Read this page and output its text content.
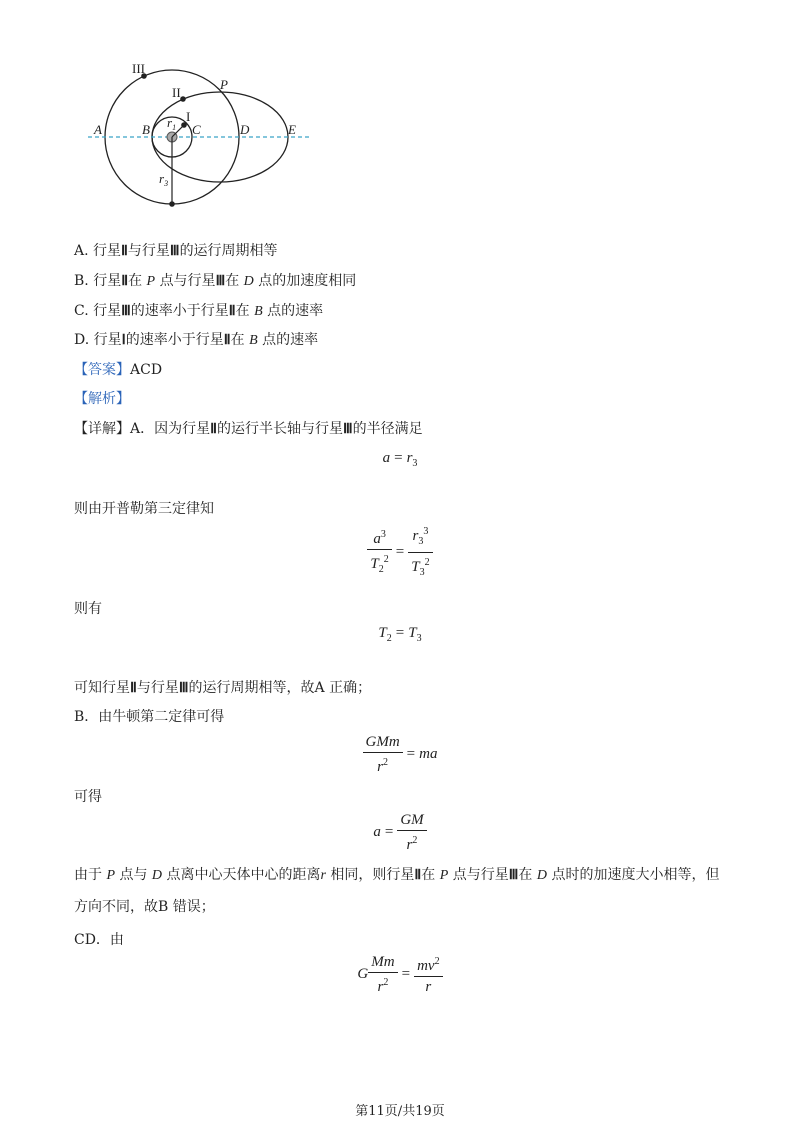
III
II
I
P
A	B	C	D	E
$r_1$
$r_3$
A. 行星Ⅱ与行星Ⅲ的运行周期相等
B. 行星Ⅱ在 P 点与行星Ⅲ在 D 点的加速度相同
C. 行星Ⅲ的速率小于行星Ⅱ在 B 点的速率
D. 行星Ⅰ的速率小于行星Ⅱ在 B 点的速率
【答案】ACD
【解析】
【详解】A．因为行星Ⅱ的运行半长轴与行星Ⅲ的半径满足
$a = r_3$
则由开普勒第三定律知
$\frac{a^3}{T_2^2} = \frac{r_3^3}{T_3^2}$
则有
$T_2 = T_3$
可知行星Ⅱ与行星Ⅲ的运行周期相等，故A 正确；
B．由牛顿第二定律可得
$\frac{\text{GMm}}{r^2}$ = ma
可得
$a = \frac{GM}{r^2}$
由于 P 点与 D 点离中心天体中心的距离r 相同，则行星Ⅱ在 P 点与行星Ⅲ在 D 点时的加速度大小相等，但
方向不同，故B 错误；
CD．由
G $\frac{Mm}{r^2} = \frac{mv^2}{r}$
第11页/共19页
